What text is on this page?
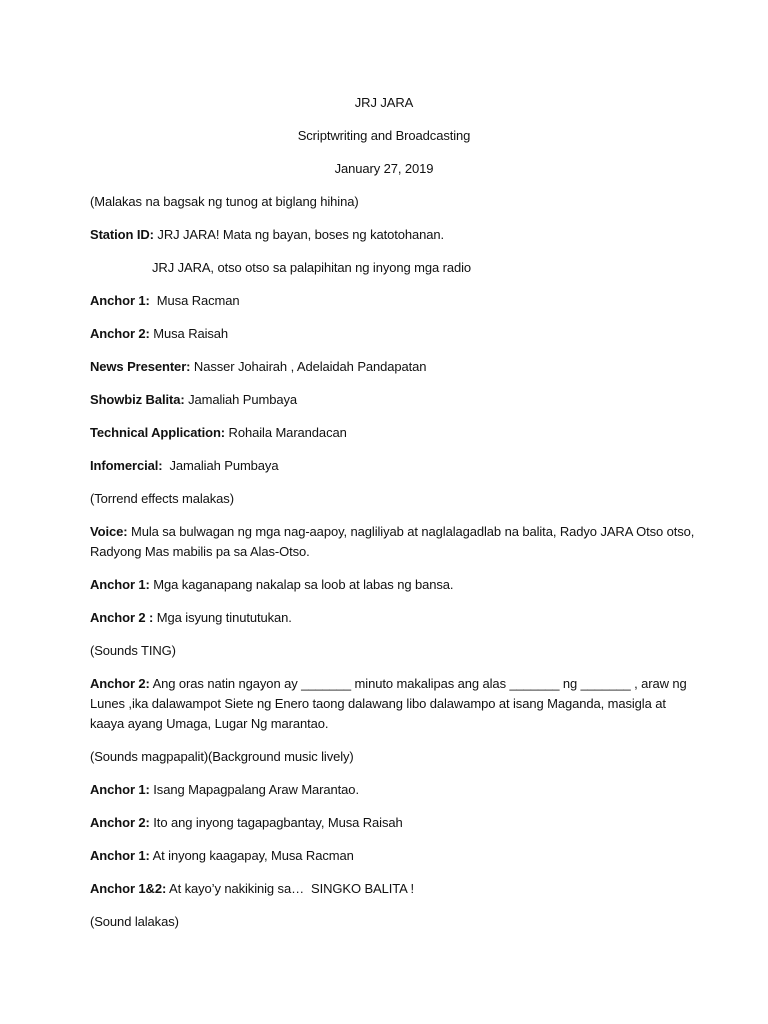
JRJ JARA
Scriptwriting and Broadcasting
January 27, 2019
(Malakas na bagsak ng tunog at biglang hihina)
Station ID: JRJ JARA! Mata ng bayan, boses ng katotohanan.
JRJ JARA, otso otso sa palapihitan ng inyong mga radio
Anchor 1:  Musa Racman
Anchor 2: Musa Raisah
News Presenter: Nasser Johairah , Adelaidah Pandapatan
Showbiz Balita: Jamaliah Pumbaya
Technical Application: Rohaila Marandacan
Infomercial:  Jamaliah Pumbaya
(Torrend effects malakas)
Voice: Mula sa bulwagan ng mga nag-aapoy, nagliliyab at naglalagadlab na balita, Radyo JARA Otso otso,
Radyong Mas mabilis pa sa Alas-Otso.
Anchor 1: Mga kaganapang nakalap sa loob at labas ng bansa.
Anchor 2 : Mga isyung tinututukan.
(Sounds TING)
Anchor 2: Ang oras natin ngayon ay _______ minuto makalipas ang alas _______ ng _______ , araw ng
Lunes ,ika dalawampot Siete ng Enero taong dalawang libo dalawampo at isang Maganda, masigla at
kaaya ayang Umaga, Lugar Ng marantao.
(Sounds magpapalit)(Background music lively)
Anchor 1: Isang Mapagpalang Araw Marantao.
Anchor 2: Ito ang inyong tagapagbantay, Musa Raisah
Anchor 1: At inyong kaagapay, Musa Racman
Anchor 1&2: At kayo’y nakikinig sa…  SINGKO BALITA !
(Sound lalakas)
